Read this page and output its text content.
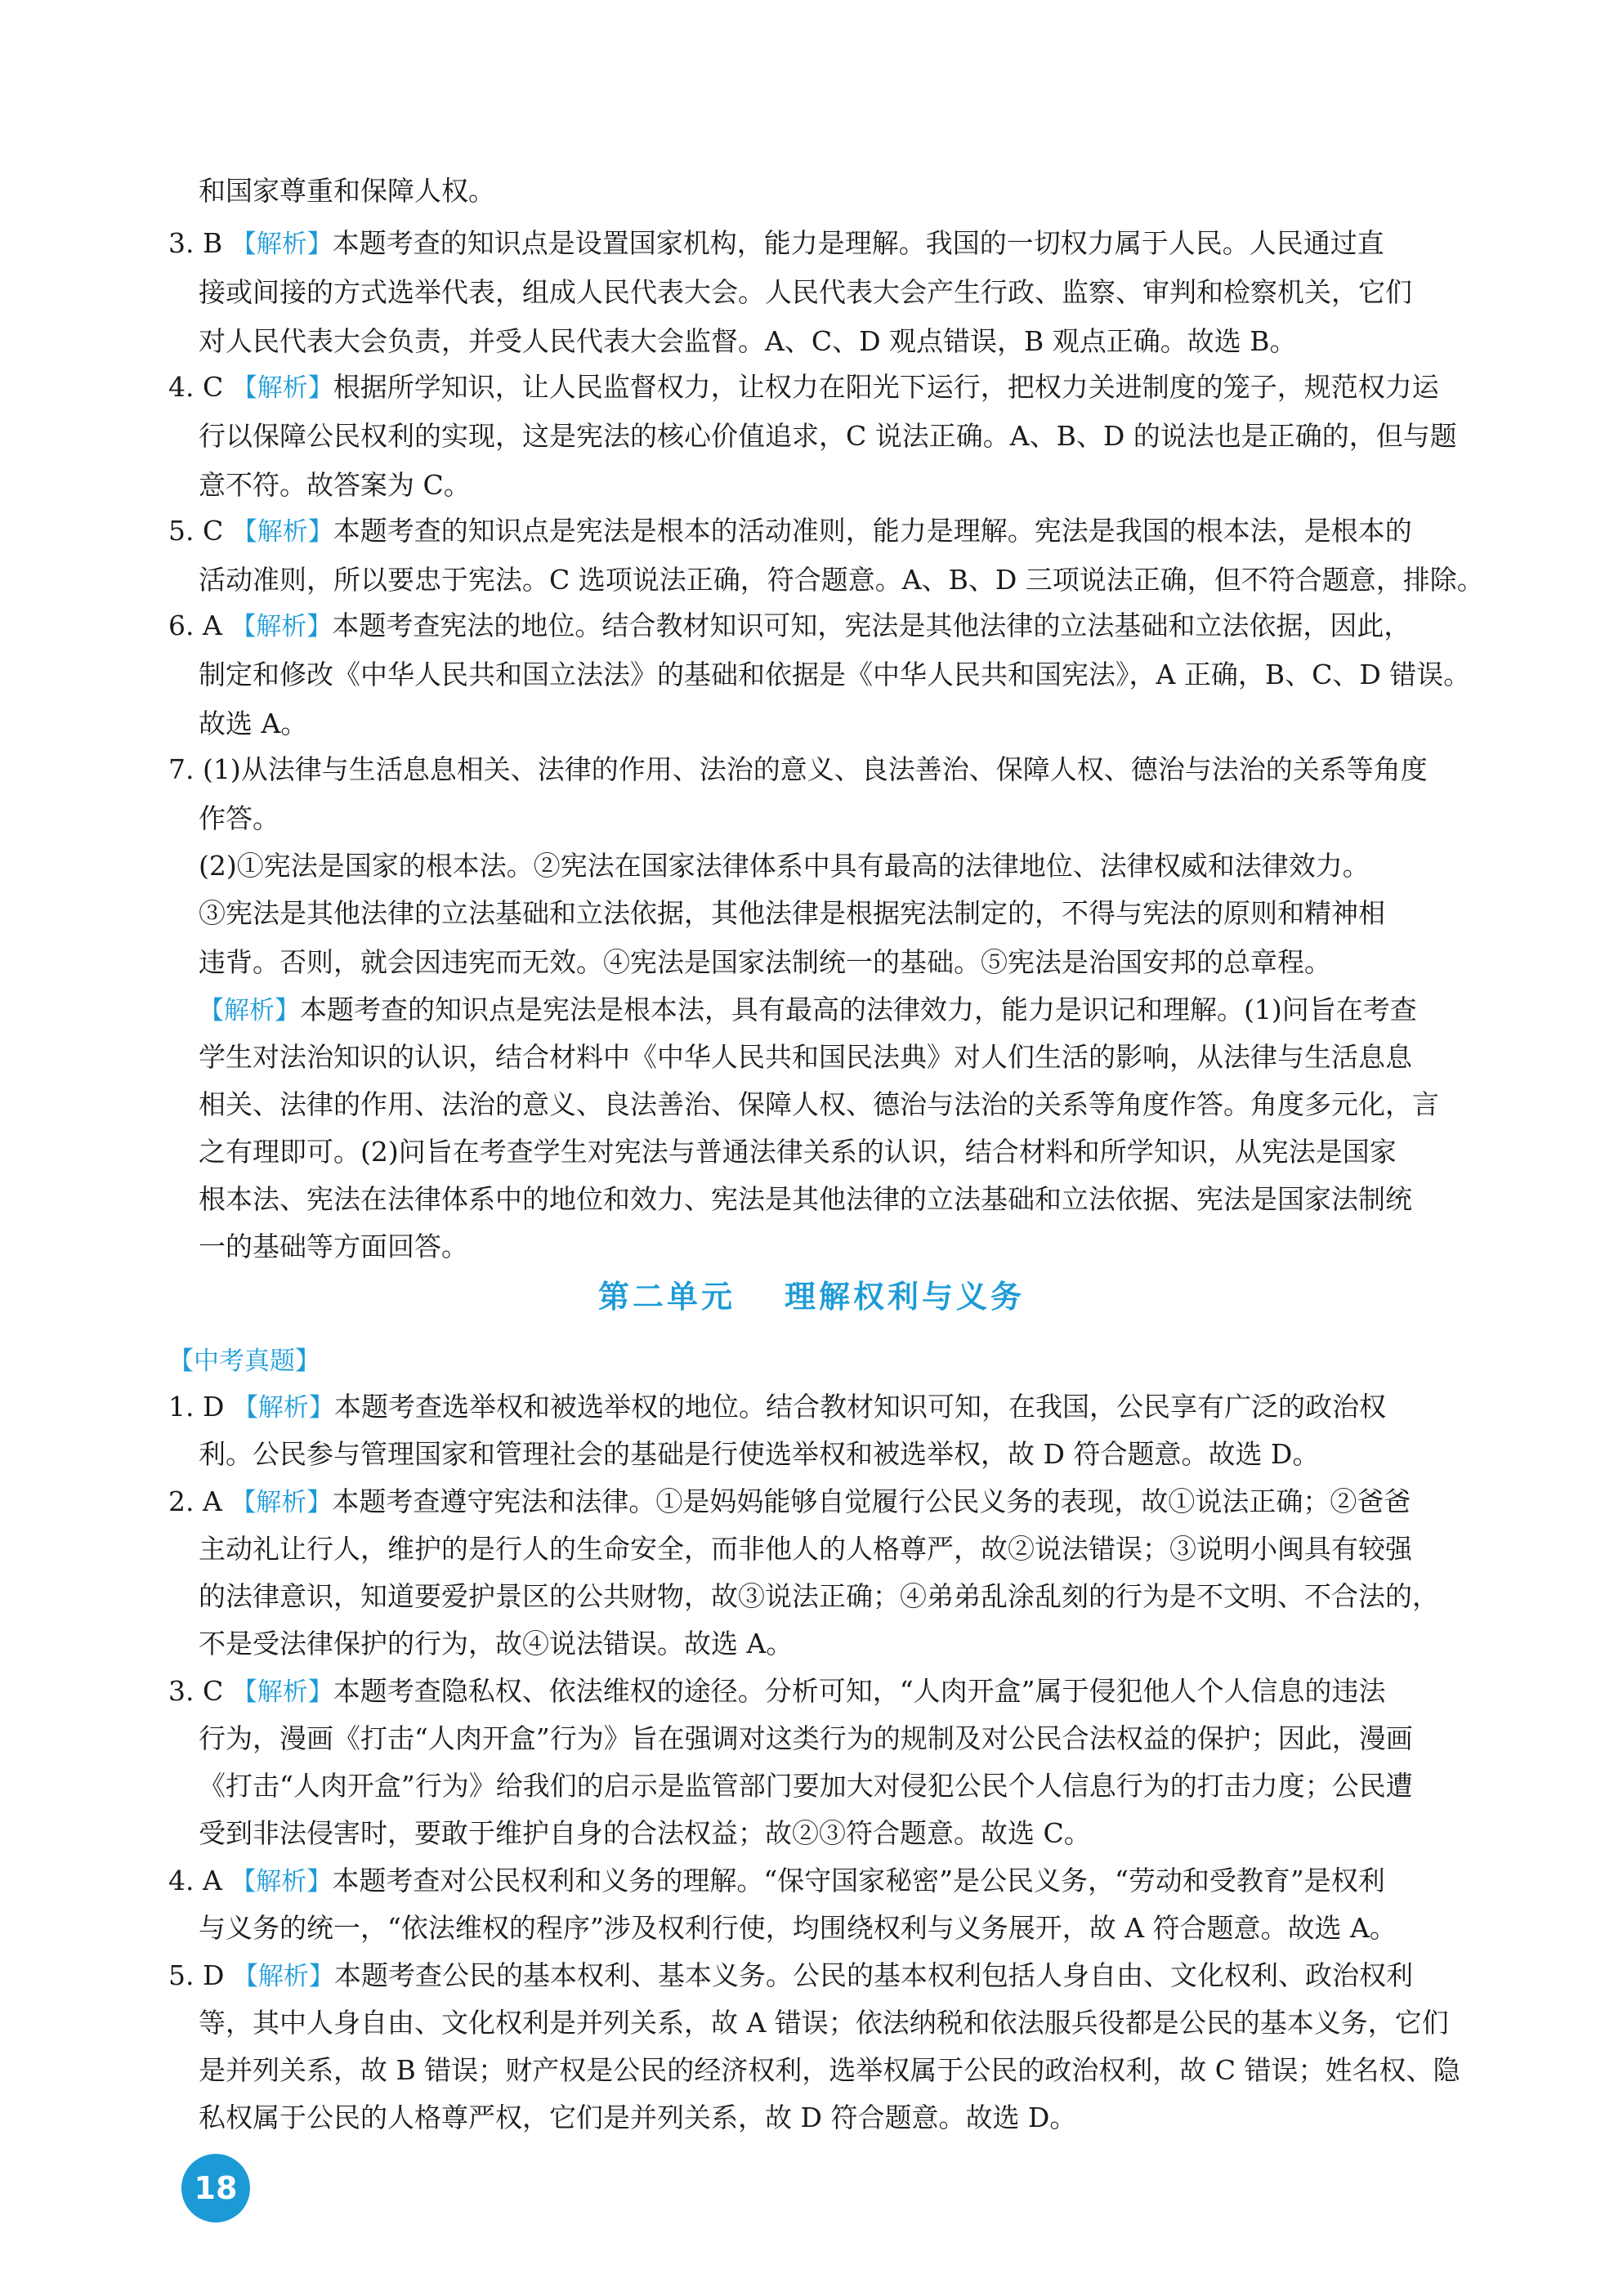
和国家尊重和保障人权。
3. B 【解析】本题考查的知识点是设置国家机构，能力是理解。我国的一切权力属于人民。人民通过直
接或间接的方式选举代表，组成人民代表大会。人民代表大会产生行政、监察、审判和检察机关，它们
对人民代表大会负责，并受人民代表大会监督。A、C、D 观点错误，B 观点正确。故选 B。
4. C 【解析】根据所学知识，让人民监督权力，让权力在阳光下运行，把权力关进制度的笼子，规范权力运
行以保障公民权利的实现，这是宪法的核心价值追求，C 说法正确。A、B、D 的说法也是正确的，但与题
意不符。故答案为 C。
5. C 【解析】本题考查的知识点是宪法是根本的活动准则，能力是理解。宪法是我国的根本法，是根本的
活动准则，所以要忠于宪法。C 选项说法正确，符合题意。A、B、D 三项说法正确，但不符合题意，排除。
6. A 【解析】本题考查宪法的地位。结合教材知识可知，宪法是其他法律的立法基础和立法依据，因此，
制定和修改《中华人民共和国立法法》的基础和依据是《中华人民共和国宪法》，A 正确，B、C、D 错误。
故选 A。
7. (1)从法律与生活息息相关、法律的作用、法治的意义、良法善治、保障人权、德治与法治的关系等角度
作答。
(2)①宪法是国家的根本法。②宪法在国家法律体系中具有最高的法律地位、法律权威和法律效力。
③宪法是其他法律的立法基础和立法依据，其他法律是根据宪法制定的，不得与宪法的原则和精神相
违背。否则，就会因违宪而无效。④宪法是国家法制统一的基础。⑤宪法是治国安邦的总章程。
【解析】本题考查的知识点是宪法是根本法，具有最高的法律效力，能力是识记和理解。(1)问旨在考查
学生对法治知识的认识，结合材料中《中华人民共和国民法典》对人们生活的影响，从法律与生活息息
相关、法律的作用、法治的意义、良法善治、保障人权、德治与法治的关系等角度作答。角度多元化，言
之有理即可。(2)问旨在考查学生对宪法与普通法律关系的认识，结合材料和所学知识，从宪法是国家
根本法、宪法在法律体系中的地位和效力、宪法是其他法律的立法基础和立法依据、宪法是国家法制统
一的基础等方面回答。
第二单元 理解权利与义务
【中考真题】
1. D 【解析】本题考查选举权和被选举权的地位。结合教材知识可知，在我国，公民享有广泛的政治权
利。公民参与管理国家和管理社会的基础是行使选举权和被选举权，故 D 符合题意。故选 D。
2. A 【解析】本题考查遵守宪法和法律。①是妈妈能够自觉履行公民义务的表现，故①说法正确；②爸爸
主动礼让行人，维护的是行人的生命安全，而非他人的人格尊严，故②说法错误；③说明小闽具有较强
的法律意识，知道要爱护景区的公共财物，故③说法正确；④弟弟乱涂乱刻的行为是不文明、不合法的，
不是受法律保护的行为，故④说法错误。故选 A。
3. C 【解析】本题考查隐私权、依法维权的途径。分析可知，“人肉开盒”属于侵犯他人个人信息的违法
行为，漫画《打击“人肉开盒”行为》旨在强调对这类行为的规制及对公民合法权益的保护；因此，漫画
《打击“人肉开盒”行为》给我们的启示是监管部门要加大对侵犯公民个人信息行为的打击力度；公民遭
受到非法侵害时，要敢于维护自身的合法权益；故②③符合题意。故选 C。
4. A 【解析】本题考查对公民权利和义务的理解。“保守国家秘密”是公民义务，“劳动和受教育”是权利
与义务的统一，“依法维权的程序”涉及权利行使，均围绕权利与义务展开，故 A 符合题意。故选 A。
5. D 【解析】本题考查公民的基本权利、基本义务。公民的基本权利包括人身自由、文化权利、政治权利
等，其中人身自由、文化权利是并列关系，故 A 错误；依法纳税和依法服兵役都是公民的基本义务，它们
是并列关系，故 B 错误；财产权是公民的经济权利，选举权属于公民的政治权利，故 C 错误；姓名权、隐
私权属于公民的人格尊严权，它们是并列关系，故 D 符合题意。故选 D。
18
